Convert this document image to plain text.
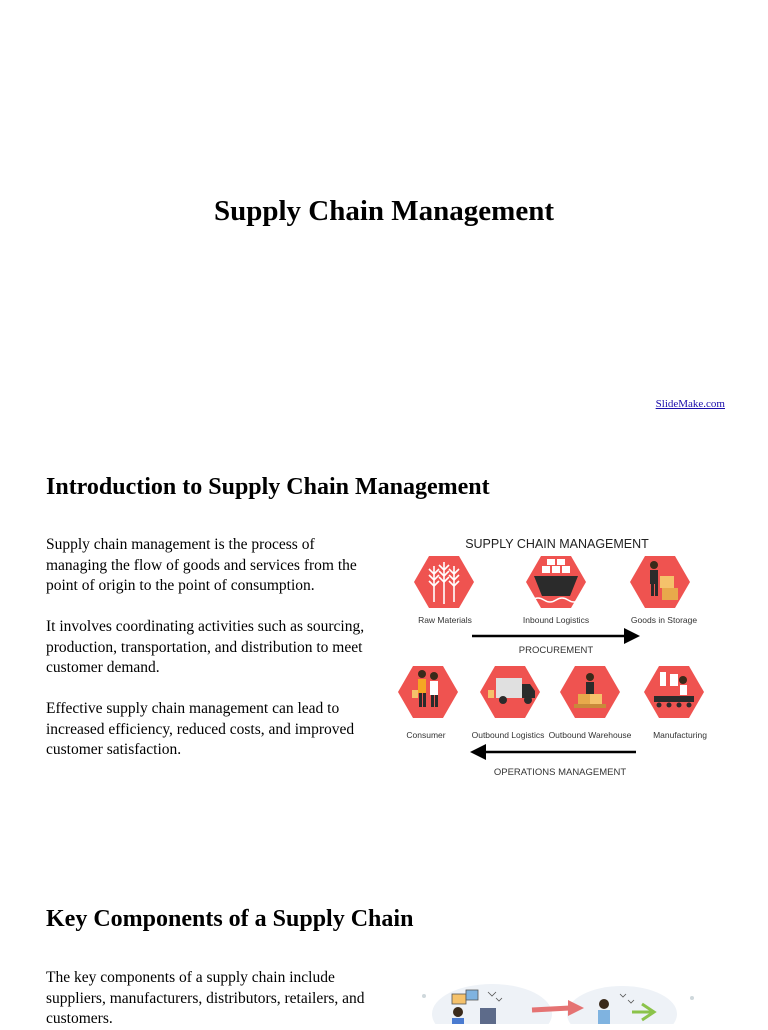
Supply Chain Management
SlideMake.com
Introduction to Supply Chain Management

Supply chain management is the process of managing the flow of goods and services from the point of origin to the point of consumption.

It involves coordinating activities such as sourcing, production, transportation, and distribution to meet customer demand.

Effective supply chain management can lead to increased efficiency, reduced costs, and improved customer satisfaction.

SUPPLY CHAIN MANAGEMENT
Raw Materials	Inbound Logistics	Goods in Storage
PROCUREMENT
Consumer	Outbound Logistics Outbound Warehouse	Manufacturing
OPERATIONS MANAGEMENT
Key Components of a Supply Chain

The key components of a supply chain include suppliers, manufacturers, distributors, retailers, and customers.
